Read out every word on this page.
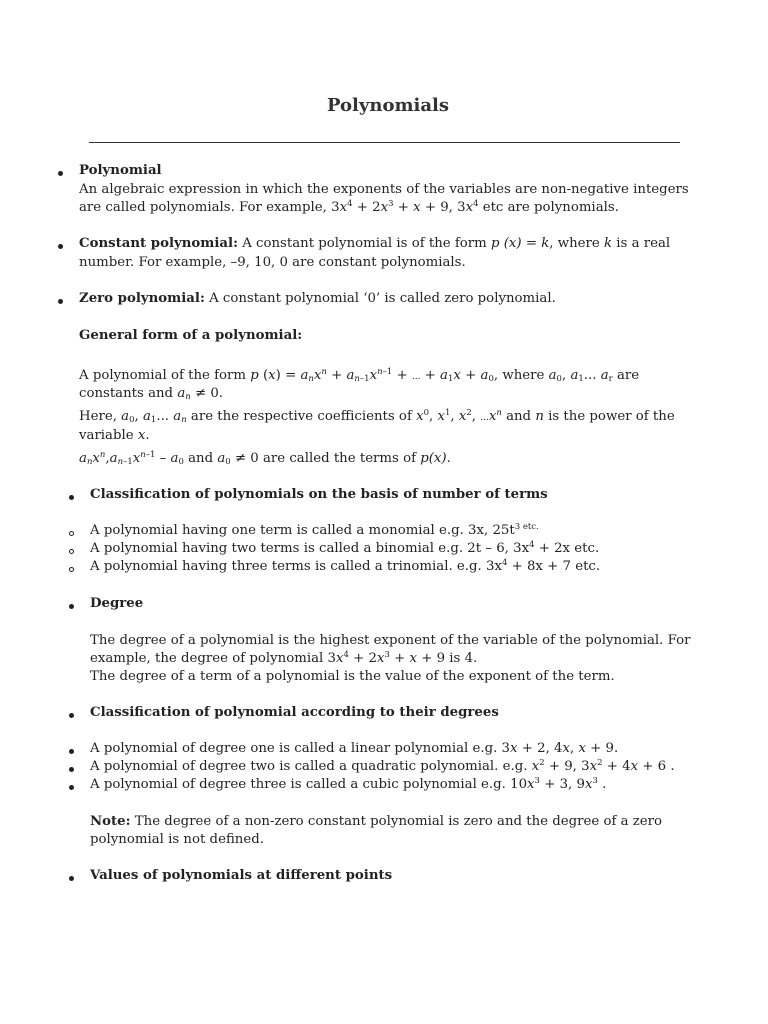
Polynomials
Polynomial
An algebraic expression in which the exponents of the variables are non-negative integers
are called polynomials. For example, $3x^4 + 2x^3 + x + 9$, $3x^4$ etc are polynomials.
Constant polynomial: A constant polynomial is of the form p (x) = k, where k is a real
number. For example, –9, 10, 0 are constant polynomials.
Zero polynomial: A constant polynomial ‘0’ is called zero polynomial.
General form of a polynomial:
A polynomial of the form p $(x) = a_nx^n + a_{n-1}x^{n-1}$ + ... + $a_1x + a_0$, where $a_0$, $a_1$... $a_r$ are
constants and $a_n \ne 0$.
Here, $a_0$, $a_1$... $a_n$ are the respective coefficients of $x^0$, $x^1$, $x^2$, $...x^n$ and n is the power of the
variable x.
$a_nx^n,a_{n-1}x^{n-1} - a_0$ and $a_0 \ne 0$ are called the terms of p(x).
Classification of polynomials on the basis of number of terms
A polynomial having one term is called a monomial e.g. 3x, $25t^{3 etc.}$
A polynomial having two terms is called a binomial e.g. 2t – 6, $3x^4 + 2x$ etc.
A polynomial having three terms is called a trinomial. e.g. $3x^4 + 8x + 7$ etc.
Degree
The degree of a polynomial is the highest exponent of the variable of the polynomial. For
example, the degree of polynomial $3x^4 + 2x^3 + x + 9$ is 4.
The degree of a term of a polynomial is the value of the exponent of the term.
Classification of polynomial according to their degrees
A polynomial of degree one is called a linear polynomial e.g. 3x + 2, 4x, x + 9.
A polynomial of degree two is called a quadratic polynomial. e.g. $x^2 + 9$, $3x^2 + 4x + 6$ .
A polynomial of degree three is called a cubic polynomial e.g. $10x^3 + 3$, $9x^3$ .
Note: The degree of a non-zero constant polynomial is zero and the degree of a zero
polynomial is not defined.
Values of polynomials at different points
